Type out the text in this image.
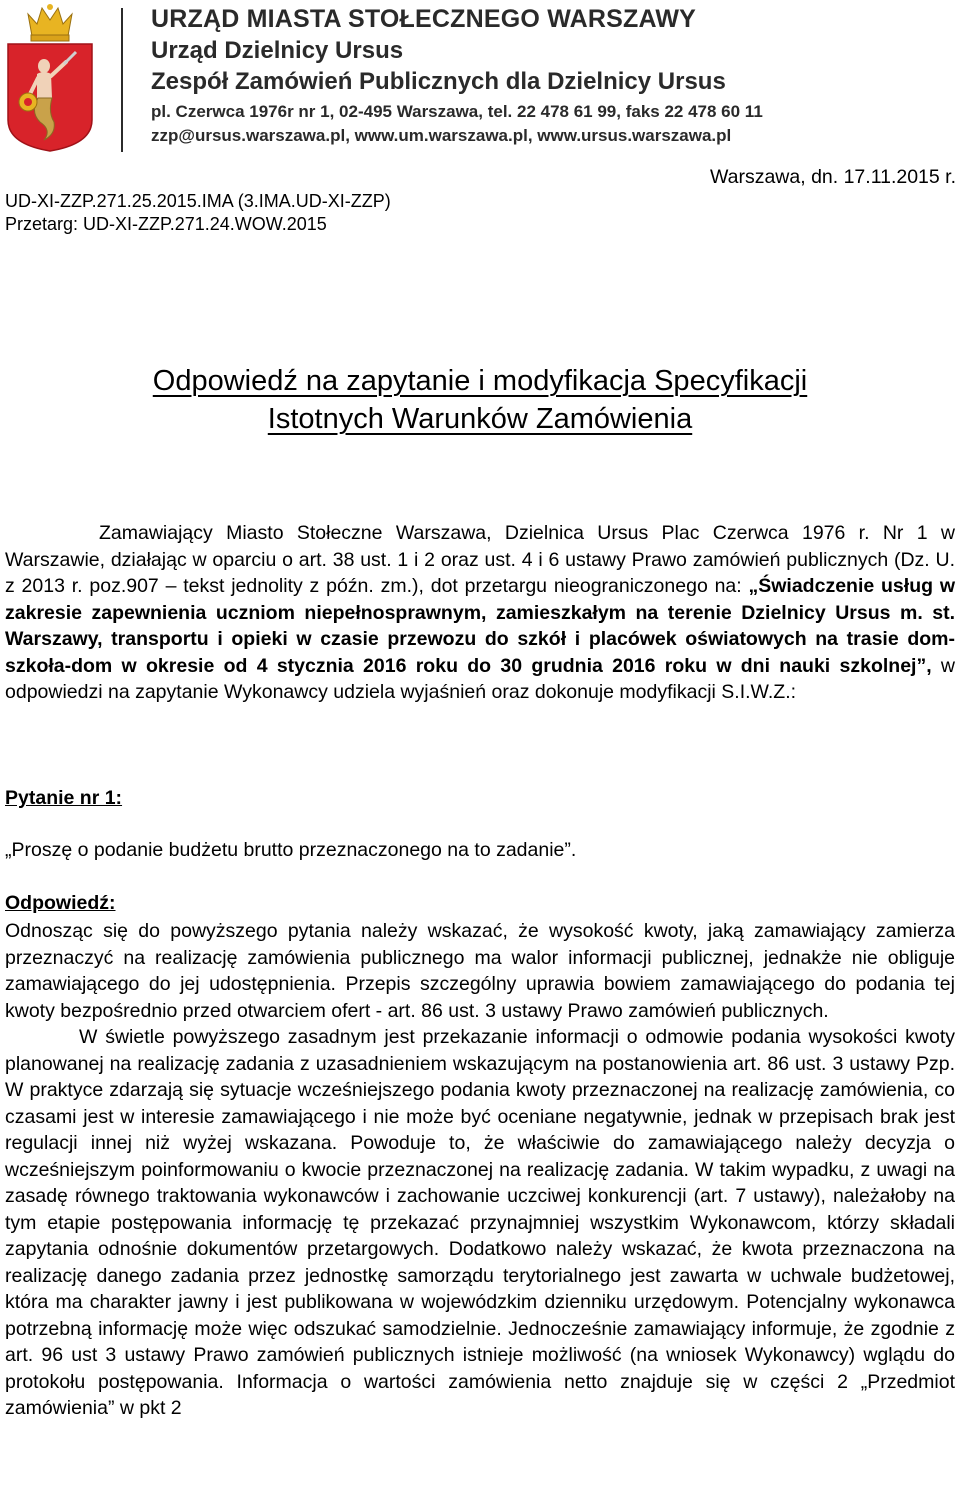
URZĄD MIASTA STOŁECZNEGO WARSZAWY
Urząd Dzielnicy Ursus
Zespół Zamówień Publicznych dla Dzielnicy Ursus
pl. Czerwca 1976r nr 1, 02-495 Warszawa, tel. 22 478 61 99, faks 22 478 60 11
zzp@ursus.warszawa.pl, www.um.warszawa.pl, www.ursus.warszawa.pl
UD-XI-ZZP.271.25.2015.IMA (3.IMA.UD-XI-ZZP)
Przetarg: UD-XI-ZZP.271.24.WOW.2015
Warszawa, dn. 17.11.2015 r.
Odpowiedź na zapytanie i modyfikacja Specyfikacji
Istotnych Warunków Zamówienia
Zamawiający Miasto Stołeczne Warszawa, Dzielnica Ursus Plac Czerwca 1976 r. Nr 1 w Warszawie, działając w oparciu o art. 38 ust. 1 i 2 oraz ust. 4 i 6 ustawy Prawo zamówień publicznych (Dz. U. z 2013 r. poz.907 – tekst jednolity z późn. zm.), dot przetargu nieograniczonego na: „Świadczenie usług w zakresie zapewnienia uczniom niepełnosprawnym, zamieszkałym na terenie Dzielnicy Ursus m. st. Warszawy, transportu i opieki w czasie przewozu do szkół i placówek oświatowych na trasie dom-szkoła-dom w okresie od 4 stycznia 2016 roku do 30 grudnia 2016 roku w dni nauki szkolnej”, w odpowiedzi na zapytanie Wykonawcy udziela wyjaśnień oraz dokonuje modyfikacji S.I.W.Z.:
Pytanie nr 1:
„Proszę o podanie budżetu brutto przeznaczonego na to zadanie”.
Odpowiedź:

Odnosząc się do powyższego pytania należy wskazać, że wysokość kwoty, jaką zamawiający zamierza przeznaczyć na realizację zamówienia publicznego ma walor informacji publicznej, jednakże nie obliguje zamawiającego do jej udostępnienia. Przepis szczególny uprawia bowiem zamawiającego do podania tej kwoty bezpośrednio przed otwarciem ofert - art. 86 ust. 3 ustawy Prawo zamówień publicznych.

W świetle powyższego zasadnym jest przekazanie informacji o odmowie podania wysokości kwoty planowanej na realizację zadania z uzasadnieniem wskazującym na postanowienia art. 86 ust. 3 ustawy Pzp. W praktyce zdarzają się sytuacje wcześniejszego podania kwoty przeznaczonej na realizację zamówienia, co czasami jest w interesie zamawiającego i nie może być oceniane negatywnie, jednak w przepisach brak jest regulacji innej niż wyżej wskazana. Powoduje to, że właściwie do zamawiającego należy decyzja o wcześniejszym poinformowaniu o kwocie przeznaczonej na realizację zadania. W takim wypadku, z uwagi na zasadę równego traktowania wykonawców i zachowanie uczciwej konkurencji (art. 7 ustawy), należałoby na tym etapie postępowania informację tę przekazać przynajmniej wszystkim Wykonawcom, którzy składali zapytania odnośnie dokumentów przetargowych. Dodatkowo należy wskazać, że kwota przeznaczona na realizację danego zadania przez jednostkę samorządu terytorialnego jest zawarta w uchwale budżetowej, która ma charakter jawny i jest publikowana w wojewódzkim dzienniku urzędowym. Potencjalny wykonawca potrzebną informację może więc odszukać samodzielnie. Jednocześnie zamawiający informuje, że zgodnie z art. 96 ust 3 ustawy Prawo zamówień publicznych istnieje możliwość (na wniosek Wykonawcy) wglądu do protokołu postępowania. Informacja o wartości zamówienia netto znajduje się w części 2 „Przedmiot zamówienia” w pkt 2
